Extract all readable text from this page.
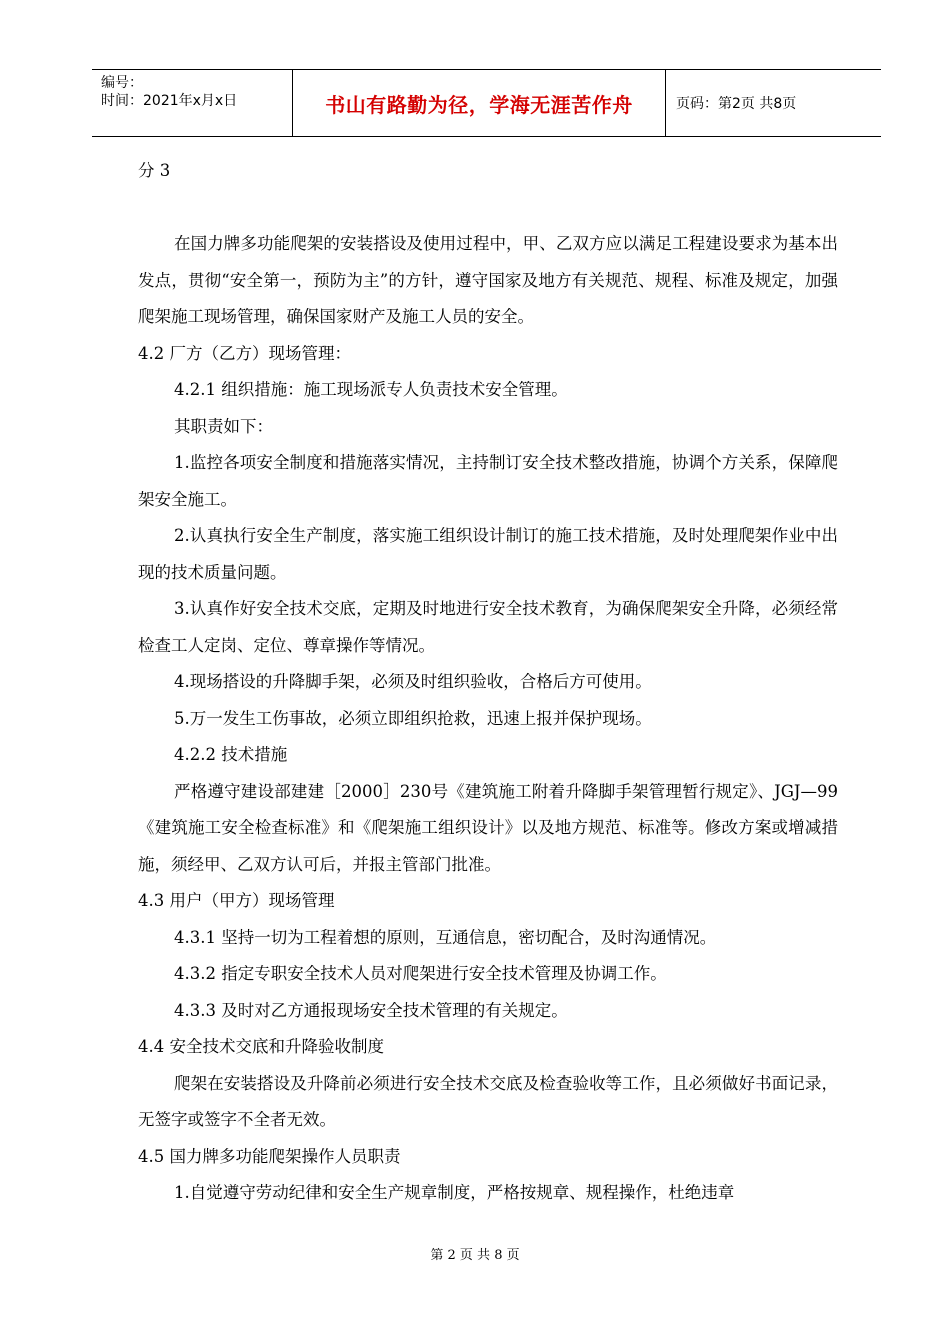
编号：
时间：2021年x月x日	书山有路勤为径，学海无涯苦作舟	页码：第2页 共8页

分 3

在国力牌多功能爬架的安装搭设及使用过程中，甲、乙双方应以满足工程建设要求为基本出发点，贯彻“安全第一，预防为主”的方针，遵守国家及地方有关规范、规程、标准及规定，加强爬架施工现场管理，确保国家财产及施工人员的安全。

4.2 厂方（乙方）现场管理：

4.2.1 组织措施：施工现场派专人负责技术安全管理。

其职责如下：

1.监控各项安全制度和措施落实情况，主持制订安全技术整改措施，协调个方关系，保障爬架安全施工。

2.认真执行安全生产制度，落实施工组织设计制订的施工技术措施，及时处理爬架作业中出现的技术质量问题。

3.认真作好安全技术交底，定期及时地进行安全技术教育，为确保爬架安全升降，必须经常检查工人定岗、定位、尊章操作等情况。

4.现场搭设的升降脚手架，必须及时组织验收，合格后方可使用。

5.万一发生工伤事故，必须立即组织抢救，迅速上报并保护现场。

4.2.2 技术措施

严格遵守建设部建建［2000］230号《建筑施工附着升降脚手架管理暂行规定》、JGJ—99《建筑施工安全检查标准》和《爬架施工组织设计》以及地方规范、标准等。修改方案或增减措施，须经甲、乙双方认可后，并报主管部门批准。

4.3 用户（甲方）现场管理

4.3.1 坚持一切为工程着想的原则，互通信息，密切配合，及时沟通情况。

4.3.2 指定专职安全技术人员对爬架进行安全技术管理及协调工作。

4.3.3 及时对乙方通报现场安全技术管理的有关规定。

4.4 安全技术交底和升降验收制度

爬架在安装搭设及升降前必须进行安全技术交底及检查验收等工作，且必须做好书面记录，无签字或签字不全者无效。

4.5 国力牌多功能爬架操作人员职责

1.自觉遵守劳动纪律和安全生产规章制度，严格按规章、规程操作，杜绝违章

第 2 页 共 8 页
